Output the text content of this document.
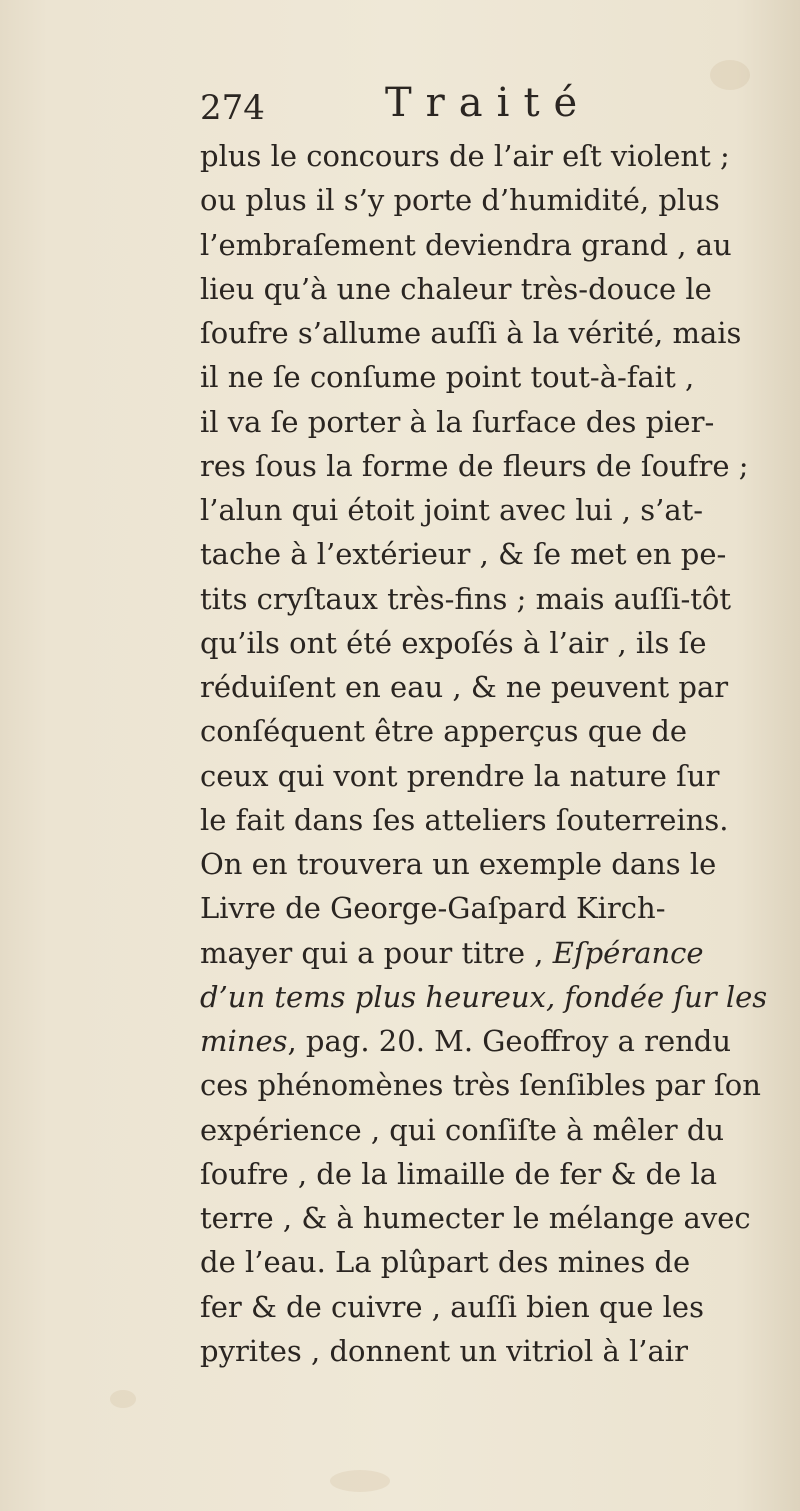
274	Traité
plus le concours de l’air eſt violent ;
ou plus il s’y porte d’humidité, plus
l’embraſement deviendra grand , au
lieu qu’à une chaleur très-douce le
ſoufre s’allume auſſi à la vérité, mais
il ne ſe conſume point tout-à-fait ,
il va ſe porter à la ſurface des pier-
res ſous la forme de fleurs de ſoufre ;
l’alun qui étoit joint avec lui , s’at-
tache à l’extérieur , & ſe met en pe-
tits cryſtaux très-fins ; mais auſſi-tôt
qu’ils ont été expoſés à l’air , ils ſe
réduiſent en eau , & ne peuvent par
conſéquent être apperçus que de
ceux qui vont prendre la nature ſur
le fait dans ſes atteliers ſouterreins.
On en trouvera un exemple dans le
Livre de George-Gaſpard Kirch-
mayer qui a pour titre , Eſpérance
d’un tems plus heureux, fondée ſur les
mines, pag. 20. M. Geoffroy a rendu
ces phénomènes très ſenſibles par ſon
expérience , qui conſiſte à mêler du
ſoufre , de la limaille de fer & de la
terre , & à humecter le mélange avec
de l’eau. La plûpart des mines de
fer & de cuivre , auſſi bien que les
pyrites , donnent un vitriol à l’air
